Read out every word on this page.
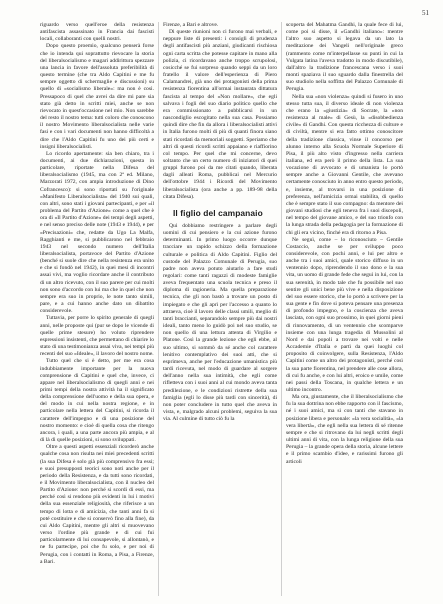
51

riguardo verso quell'eroe della resistenza antifascista assassinato in Francia dai fascisti locali, collaboranti con quelli nostri.

Dopo questo proemio, qualcuno penserà forse che io intenda qui soprattutto rievocare la storia del liberalsocialismo e magari addirittura spezzare una lancia in favore dell'assoluta preferibilità di questo termine (che tra Aldo Capitini e me fu sempre oggetto di schermaglie e discussioni) su quello di «socialismo liberale»: ma non è così. Pressapoco di quel che avrei da dire mi pare sia stato già detto in scritti miei, anche se non rievocato in quest'occasione nel mio. Non sarebbe del resto il nostro tema: tutti coloro che conoscono il nostro Movimento liberalsocialista nelle varie fasi e con i vari documenti non hanno difficoltà a dire che l'Aldo Capitini fu uno dei più certi e insigni liberalsocialisti.

Lo ricordo apertamente: sia ben chiaro, tra i documenti, ai due dichiarazioni, questa in particolare, riportate nella Difesa del liberalsocialismo (1945, ma con 2ª ed. Milano, Marzorati 1972, con ampia introduzione di Dino Cofrancesco): si sono riportati su l'originale «Manifesto Liberalsocialista» del 1940 sui quali, con altri, sono stati i giovani partecipanti, e per «il problema del Partito d'Azione» come a quel che è ora di «Il Partito d'Azione» dei tempi degli aspetti, e nel senso preciso delle note (1943 e 1944), e per «Precisazioni» che, redatte da Ugo La Malfa, Ragghianti e me, si pubblicarono nel febbraio 1943 nel secondo numero dell'Italia liberalsocialista, portavoce del Partito d'Azione (benché si suole dire che nella resistenza era unito e che si fondò nel 1942), in quei mesi di incontri assai vivi, ma voglio ricordare anche il contributo di un altro ricevuto, con il suo parere per cui molti non sono d'accordo con lui ma che in quel che non sempre era suo in proprio, le note tanto simili, pare, e a cui hanno anche dato un dibattito considerevole.

Tuttavia, per porre lo spirito generale di quegli anni, nelle proposte qui (pur se dopo le vicende di quelle prime stesure) ho voluto riprendere espressioni insistenti, che permettano di chiarire lo stato di una testimonianza assai viva, nei tempi più recenti del suo «Ideale», il lavoro del nostro nome.

Tutto quel che si è detto, per me era cosa indubbiamente importante per la nuova comprensione di Capitini e quel che, invece, ci appare nel liberalsocialismo di quegli anni e nei primi tempi della nostra attività ha il significato della comprensione dell'uomo e della sua opera, e del modo in cui nella nostra regione, e in particolare nella lettera del Capitini, si ricorda il carattere dell'impegno e di una posizione del nostro momento: e cioè di quella cosa che ritengo ancora, i quali, a una parte ancora più ampia, e al di là di quelle posizioni, si sono sviluppati.

Oltre a questi aspetti essenziali ricorderò anche qualche cosa non risulta nei miei precedenti scritti (la sua Difesa è solo già più comprensivo fra essi; e suoi presupposti teorici sono noti anche per il periodo della Resistenza, e da tutti sono ricordati, e il Movimento liberalsocialista, con il nucleo del Partito d'Azione: non perché si scordi di essi, ma perché così si rendono più evidenti in lui i motivi della sua essenziale religiosità, che riferisce a un tempo di lotta e di amicizia, che tanti anni fa si poté costituire e che si conservò fino alla fine), da cui Aldo Capitini, mentre gli altri si muovevano verso l'ordine più grande e di cui fui particolarmente di lui consapevole, si allontanò, e ne fu partecipe, poi che fu solo, e per noi di Perugia, con i contatti in Roma, a Pisa, a Firenze, a Bari.

Firenze, a Bari e altrove.

Di queste riunioni non ci furono mai verbali, e neppure liste di presenti: i consigli di prudenza degli antifascisti più anziani, giudicanti rischiosa ogni carta scritta che potesse capitare in mano alla polizia, ci ricordavano anche troppo scrupolosi, cosicché se fui sorpreso quando seppi da un loro fratello il valore dell'esperienza di Piero Calamandrei, già uno dei protagonisti della prima resistenza fiorentina all'ormai instaurata dittatura fascista al tempo del «Non mollare», che egli salvava i fogli del suo diario politico quello che era commissionato a pubblicarsi in un nascondiglio escogitato nella sua casa. Possiamo quindi dire che fin da allora i liberalsocialisti attivi in Italia furono molti di più di quanti finora siano stati ricordati da memoriali soggetti. Speriamo che altri di questi ricordi scritti appaiano e riaffiorino col tempo. Per quel che mi concerne, devo soltanto che un certo numero di iniziatori di quei gruppi furono poi da me citati quando, liberata dagli alleati Roma, pubblicai nel Mercurio dell'ottobre 1944 i Ricordi del Movimento liberalsocialista (ora anche a pp. 189-98 della citata Difesa).

Il figlio del campanaio

Qui dobbiamo restringere a parlare degli uomini di cui pensiero e la cui azione furono determinanti. In primo luogo occorre dunque tracciare un rapido schizzo della formazione culturale e politica di Aldo Capitini. Figlio del custode del Palazzo Comunale di Perugia, suo padre non aveva potuto aiutarlo a fare studi regolari: come tanti ragazzi di modeste famiglie aveva frequentato una scuola tecnica e preso il diploma di ragioneria. Ma quella preparazione tecnica, che gli non bastò a trovare un posto di impiegato e che gli aprì per l'accesso a quanto lo attraeva, cioè il lavoro delle classi umili, meglio di tanti braccianti, separandolo sempre più dai nostri ideali, tanto meno lo guidò poi nel suo studio, se non quello di una lettura attenta di Virgilio e Platone. Così la grande lezione che egli ebbe, al suo ultimo, si sommò da sé anche col carattere lenitivo contemplativo dei suoi atti, che si esprimeva, anche per l'educazione umanistica più tardi ricevuta, nel modo di guardare al sorgere dell'anno nella sua intimità, che egli come rifletteva con i suoi anni al cui mondo aveva tanta predilezione, e le condizioni ristrette della sua famiglia (egli lo disse più tardi con sincerità), di non poter concludere in tutto quel che aveva in vista, e, malgrado alcuni problemi, seguiva la sua via. Al culmine di tutto ciò fu la

scoperta del Mahatma Gandhi, la quale fece di lui, come poi si disse, il «Gandhi italiano»: mentre l'altro suo aspetto si legava da un lato la meditazione dei Vangeli nell'originale greco (rammento come m'interpellasse su punti in cui la Vulgata latina l'aveva tradotto in modo discutibile), dall'altro la tradizione francescana verso i suoi monti spaziava il suo sguardo dalla finestrella del suo studiolo nella soffitta del Palazzo Comunale di Perugia.

Nella sua «non violenza» quindi si fusero in uno stesso tutta sua, il diverso ideale di non violenza che erano la «giustizia» di Socrate, la «non resistenza al male» di Gesù, la «disobbedienza civile» di Gandhi. Con questa ricchezza di culture e di civiltà, mentre si era fatto ottimo conoscitore della tradizione classica, vinse il concorso per alunno interno alla Scuola Normale Superiore di Pisa, il più alto visto d'ingresso nella carriera italiana, ed era però il primo della lista. La sua vocazione di avvocato e di umanista lo portò sempre anche a Giovanni Gentile, che avevano certamente conosciuto in anno entro questo periodo, e, insieme, al trovarsi in una posizione di preferenza, nell'amicizia ormai stabilita, di quello che è sempre stato il suo compagno: da mentore dei giovani studiosi che egli teneva fra i suoi discepoli, nel tempo del giovane amico, e del suo trionfo con la lunga strada della pedagogia per la formazione di chi gli era vicino, finché era di ritorno a Pisa.

Ne seguì, come – lo riconosciuto – Gentile Costaccio, anche se per sviluppo poco considerevole, con pochi anni, e lui per altro e anche tra i suoi amici, quale storico diffuso in un ventennio dopo, riprendendo il suo dono e la sua vita, un uomo di grande fede che seguì in lui, con la sua serenità, in modo tale che fu possibile nel suo sentire gli unici bene più vive e nella disposizione del suo essere storico, che lo portò a scrivere per la sua gente e fin dove si poteva pensare una presenza di profondo impegno, e la coscienza che aveva lasciata, con ogni suo prossimo, in quei giorni pieni di rinnovamento, di un ventennio che scomparve insieme con una lunga tragedia di Mussolini al Nord e dai popoli a trovare nei volti e nelle Accademie d'Italia e partì da quei luoghi col proposito di coinvolgere, sulla Resistenza, l'Aldo Capitini come un altro dei protagonisti, perché così la sua parte fiorentina, nel prendere alle cose allora, di cui fu anche, e con lui altri, eroico e umile, come nei passi della Toscana, in qualche lettera e un ultimo incontro.

Ma ora, giustamente, che il liberalsocialismo che fu la sua dottrina non ebbe rapporto con il fascismo, né i suoi amici, ma sì con tanti che stavano in posizione libera e personale: «la vera socialità», «la vera libertà», che egli nella sua lettera di sé ritenne sempre e che si ritrovano da lui negli scritti degli ultimi anni di vita, con la lunga religione della sua Perugia – la grande opera della storia, alcune lettere e il primo scambio d'idee, e rarissimi furono gli articoli
